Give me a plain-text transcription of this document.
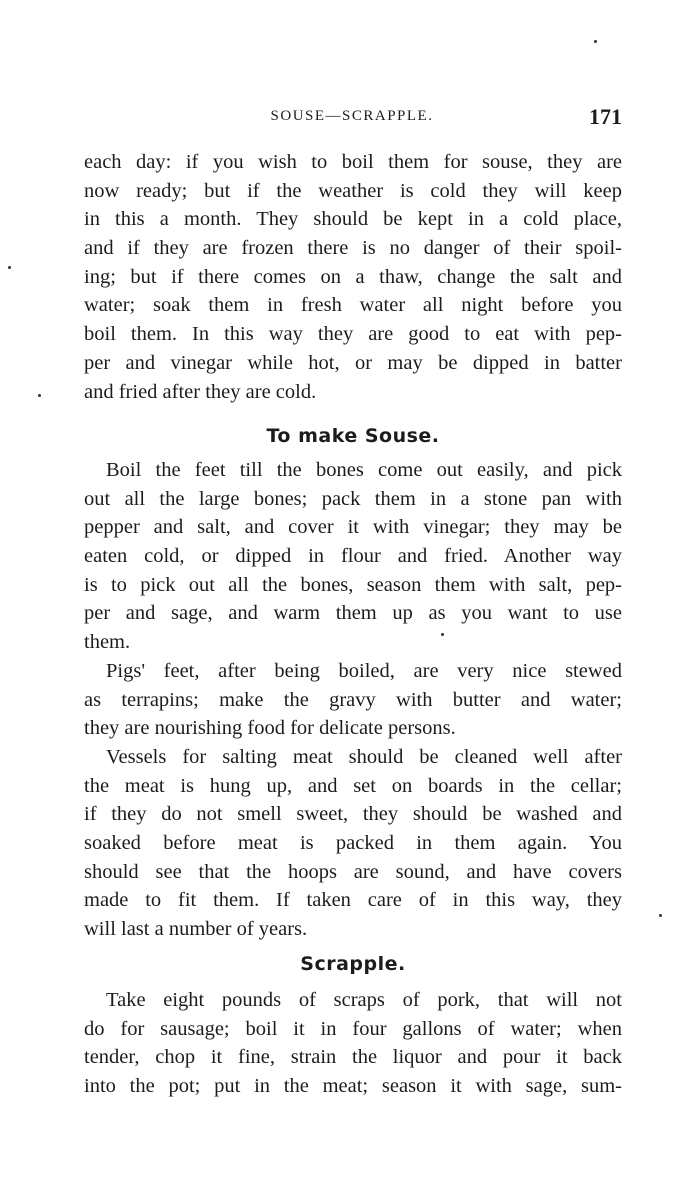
SOUSE—SCRAPPLE.	171
each day: if you wish to boil them for souse, they are
now ready; but if the weather is cold they will keep
in this a month. They should be kept in a cold place,
and if they are frozen there is no danger of their spoil-
ing; but if there comes on a thaw, change the salt and
water; soak them in fresh water all night before you
boil them. In this way they are good to eat with pep-
per and vinegar while hot, or may be dipped in batter
and fried after they are cold.
To make Souse.
Boil the feet till the bones come out easily, and pick
out all the large bones; pack them in a stone pan with
pepper and salt, and cover it with vinegar; they may be
eaten cold, or dipped in flour and fried. Another way
is to pick out all the bones, season them with salt, pep-
per and sage, and warm them up as you want to use
them.
Pigs' feet, after being boiled, are very nice stewed
as terrapins; make the gravy with butter and water;
they are nourishing food for delicate persons.
Vessels for salting meat should be cleaned well after
the meat is hung up, and set on boards in the cellar;
if they do not smell sweet, they should be washed and
soaked before meat is packed in them again. You
should see that the hoops are sound, and have covers
made to fit them. If taken care of in this way, they
will last a number of years.
Scrapple.
Take eight pounds of scraps of pork, that will not
do for sausage; boil it in four gallons of water; when
tender, chop it fine, strain the liquor and pour it back
into the pot; put in the meat; season it with sage, sum-
